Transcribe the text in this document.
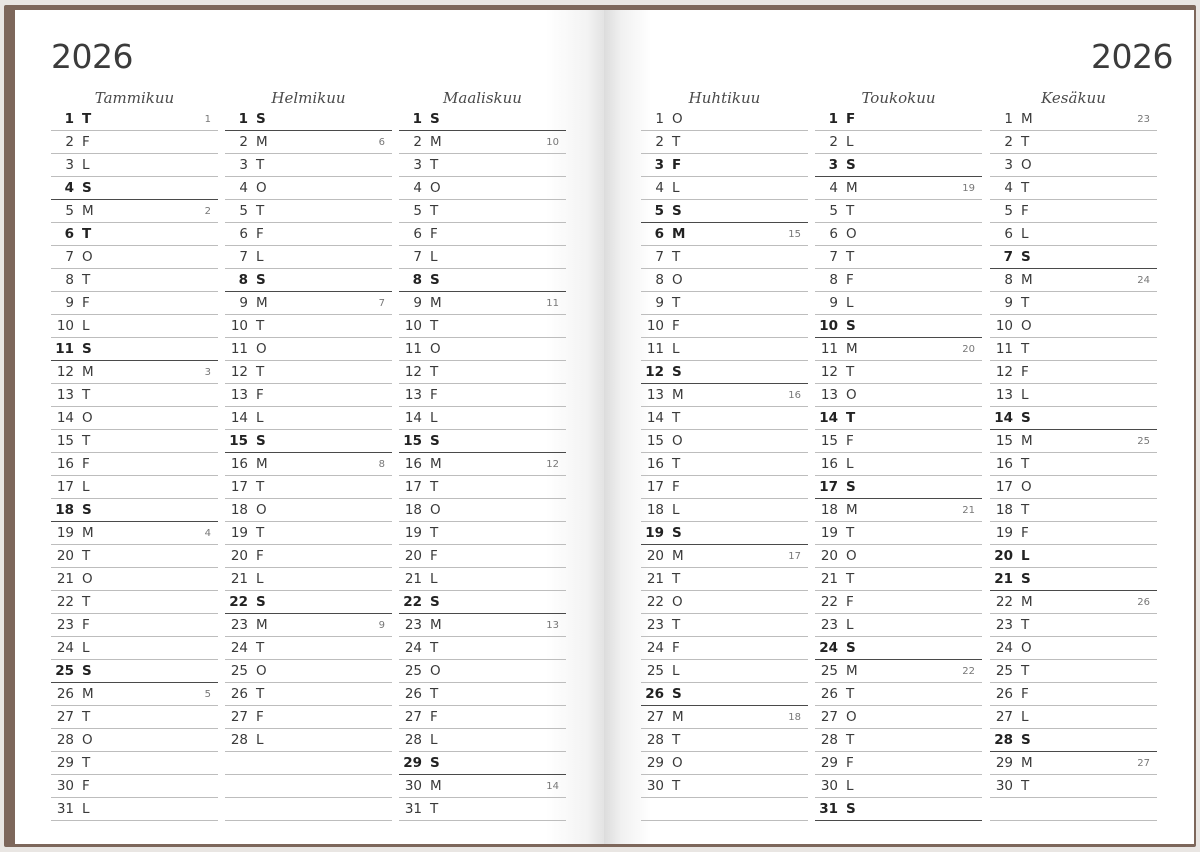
2026
Tammikuu
1 T	1
2 F
3 L
4 S
5 M	2
6 T
7 O
8 T
9 F
10 L
11 S
12 M	3
13 T
14 O
15 T
16 F
17 L
18 S
19 M	4
20 T
21 O
22 T
23 F
24 L
25 S
26 M	5
27 T
28 O
29 T
30 F
31 L
Helmikuu
1 S
2 M	6
3 T
4 O
5 T
6 F
7 L
8 S
9 M	7
10 T
11 O
12 T
13 F
14 L
15 S
16 M	8
17 T
18 O
19 T
20 F
21 L
22 S
23 M	9
24 T
25 O
26 T
27 F
28 L
Maaliskuu
1 S
2 M	10
3 T
4 O
5 T
6 F
7 L
8 S
9 M	11
10 T
11 O
12 T
13 F
14 L
15 S
16 M	12
17 T
18 O
19 T
20 F
21 L
22 S
23 M	13
24 T
25 O
26 T
27 F
28 L
29 S
30 M	14
31 T
2026
Huhtikuu
1 O
2 T
3 F
4 L
5 S
6 M	15
7 T
8 O
9 T
10 F
11 L
12 S
13 M	16
14 T
15 O
16 T
17 F
18 L
19 S
20 M	17
21 T
22 O
23 T
24 F
25 L
26 S
27 M	18
28 T
29 O
30 T
Toukokuu
1 F
2 L
3 S
4 M	19
5 T
6 O
7 T
8 F
9 L
10 S
11 M	20
12 T
13 O
14 T
15 F
16 L
17 S
18 M	21
19 T
20 O
21 T
22 F
23 L
24 S
25 M	22
26 T
27 O
28 T
29 F
30 L
31 S
Kesäkuu
1 M	23
2 T
3 O
4 T
5 F
6 L
7 S
8 M	24
9 T
10 O
11 T
12 F
13 L
14 S
15 M	25
16 T
17 O
18 T
19 F
20 L
21 S
22 M	26
23 T
24 O
25 T
26 F
27 L
28 S
29 M	27
30 T
